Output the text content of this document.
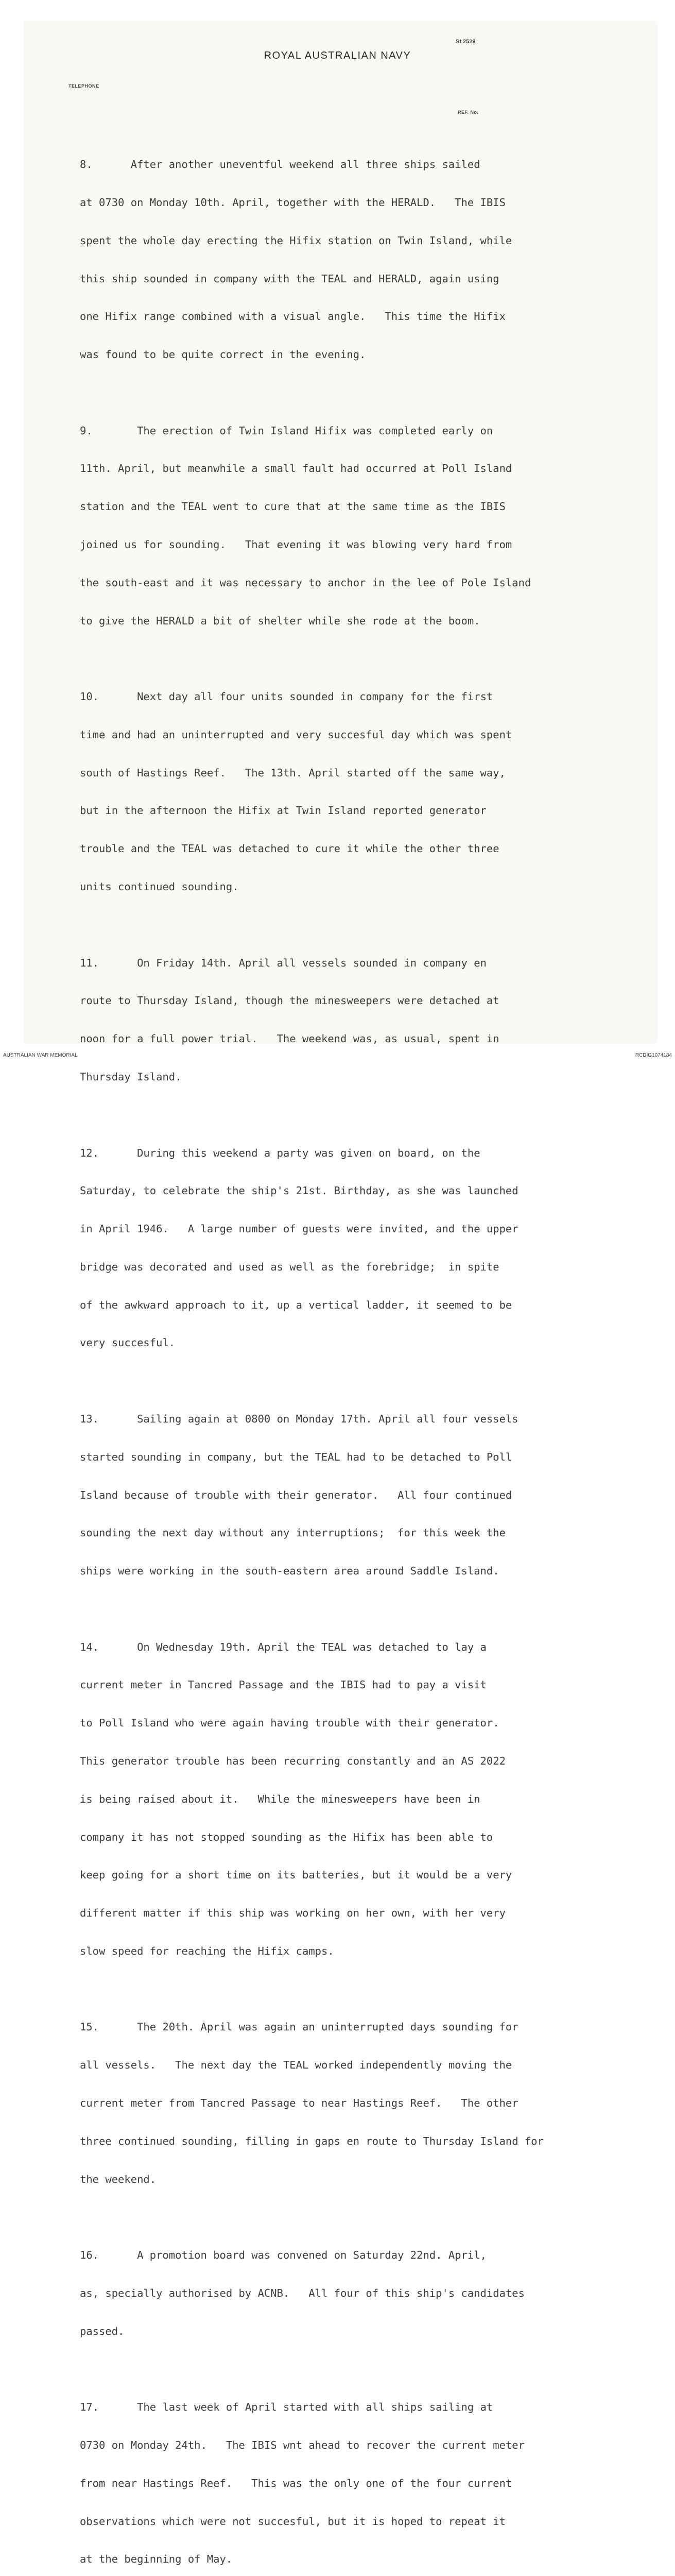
St 2529
ROYAL AUSTRALIAN NAVY
TELEPHONE
REF. No.

8.	After another uneventful weekend all three ships sailed

at 0730 on Monday 10th. April, together with the HERALD.   The IBIS

spent the whole day erecting the Hifix station on Twin Island, while

this ship sounded in company with the TEAL and HERALD, again using

one Hifix range combined with a visual angle.   This time the Hifix

was found to be quite correct in the evening.

9.	The erection of Twin Island Hifix was completed early on

11th. April, but meanwhile a small fault had occurred at Poll Island

station and the TEAL went to cure that at the same time as the IBIS

joined us for sounding.   That evening it was blowing very hard from

the south-east and it was necessary to anchor in the lee of Pole Island

to give the HERALD a bit of shelter while she rode at the boom.

10.	Next day all four units sounded in company for the first

time and had an uninterrupted and very succesful day which was spent

south of Hastings Reef.   The 13th. April started off the same way,

but in the afternoon the Hifix at Twin Island reported generator

trouble and the TEAL was detached to cure it while the other three

units continued sounding.

11.	On Friday 14th. April all vessels sounded in company en

route to Thursday Island, though the minesweepers were detached at

noon for a full power trial.   The weekend was, as usual, spent in

Thursday Island.

12.	During this weekend a party was given on board, on the

Saturday, to celebrate the ship's 21st. Birthday, as she was launched

in April 1946.   A large number of guests were invited, and the upper

bridge was decorated and used as well as the forebridge;  in spite

of the awkward approach to it, up a vertical ladder, it seemed to be

very succesful.

13.	Sailing again at 0800 on Monday 17th. April all four vessels

started sounding in company, but the TEAL had to be detached to Poll

Island because of trouble with their generator.   All four continued

sounding the next day without any interruptions;  for this week the

ships were working in the south-eastern area around Saddle Island.

14.	On Wednesday 19th. April the TEAL was detached to lay a

current meter in Tancred Passage and the IBIS had to pay a visit

to Poll Island who were again having trouble with their generator.

This generator trouble has been recurring constantly and an AS 2022

is being raised about it.   While the minesweepers have been in

company it has not stopped sounding as the Hifix has been able to

keep going for a short time on its batteries, but it would be a very

different matter if this ship was working on her own, with her very

slow speed for reaching the Hifix camps.

15.	The 20th. April was again an uninterrupted days sounding for

all vessels.   The next day the TEAL worked independently moving the

current meter from Tancred Passage to near Hastings Reef.   The other

three continued sounding, filling in gaps en route to Thursday Island for

the weekend.

16.	A promotion board was convened on Saturday 22nd. April,

as, specially authorised by ACNB.   All four of this ship's candidates

passed.

17.	The last week of April started with all ships sailing at

0730 on Monday 24th.   The IBIS wnt ahead to recover the current meter

from near Hastings Reef.   This was the only one of the four current

observations which were not succesful, but it is hoped to repeat it

at the beginning of May.

AUSTRALIAN WAR MEMORIAL	RCDIG1074184
